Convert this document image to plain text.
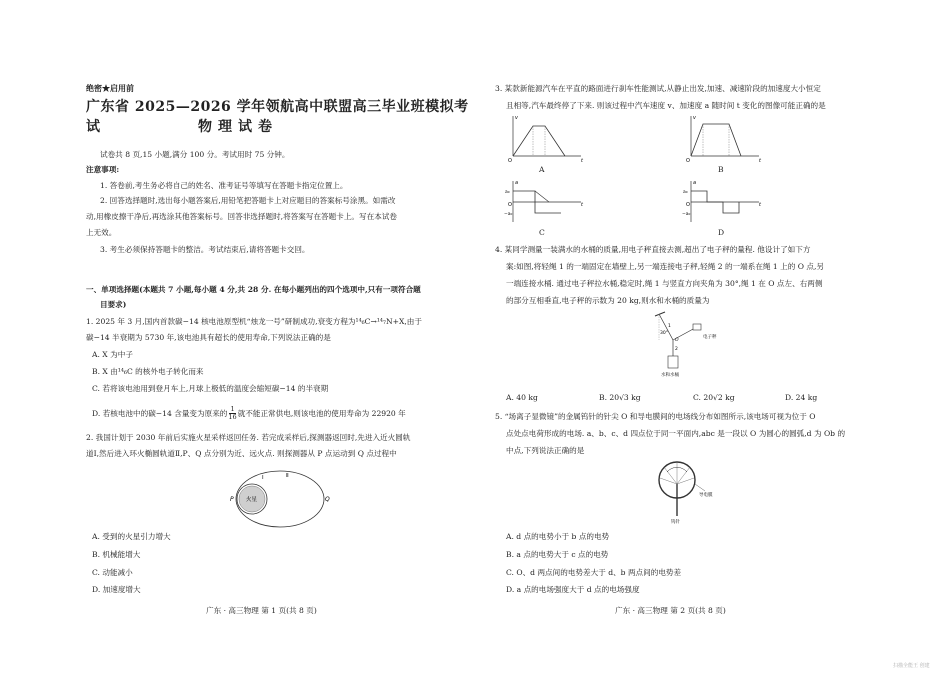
绝密★启用前
广东省 2025—2026 学年领航高中联盟高三毕业班模拟考试	物理试卷
试卷共 8 页,15 小题,满分 100 分。考试用时 75 分钟。
注意事项:
1. 答卷前,考生务必将自己的姓名、准考证号等填写在答题卡指定位置上。
2. 回答选择题时,选出每小题答案后,用铅笔把答题卡上对应题目的答案标号涂黑。如需改
动,用橡皮擦干净后,再选涂其他答案标号。回答非选择题时,将答案写在答题卡上。写在本试卷
上无效。
3. 考生必须保持答题卡的整洁。考试结束后,请将答题卡交回。
一、单项选择题(本题共 7 小题,每小题 4 分,共 28 分. 在每小题列出的四个选项中,只有一项符合题
目要求)
1. 2025 年 3 月,国内首款碳−14 核电池原型机“烛龙一号”研制成功,衰变方程为¹⁴₆C→¹⁴₇N+X,由于
碳−14 半衰期为 5730 年,该电池具有超长的使用寿命,下列说法正确的是
A. X 为中子
B. X 由¹⁴₆C 的核外电子转化而来
C. 若将该电池用到登月车上,月球上极低的温度会缩短碳−14 的半衰期
D. 若核电池中的碳−14 含量变为原来的 $\frac{1}{16}$ 就不能正常供电,则该电池的使用寿命为 22920 年
2. 我国计划于 2030 年前后实施火星采样返回任务. 若完成采样后,探测器返回时,先进入近火圆轨
道Ⅰ,然后进入环火椭圆轨道Ⅱ,P、Q 点分别为近、远火点. 则探测器从 P 点运动到 Q 点过程中
火星
P	Q
Ⅰ	Ⅱ
A. 受到的火星引力增大
B. 机械能增大
C. 动能减小
D. 加速度增大
广东 · 高三物理 第 1 页(共 8 页)
3. 某款新能源汽车在平直的路面进行刹车性能测试,从静止出发,加速、减速阶段的加速度大小恒定
且相等,汽车最终停了下来. 则该过程中汽车速度 v、加速度 a 随时间 t 变化的图像可能正确的是
O
v
t
A
O
v
t
B
a₀
−a₀
O
a
t
C
a₀
−a₀
O
a
t
D
4. 某同学测量一装满水的水桶的质量,用电子秤直接去测,超出了电子秤的量程. 他设计了如下方
案:如图,将轻绳 1 的一端固定在墙壁上,另一端连接电子秤,轻绳 2 的一端系在绳 1 上的 O 点,另
一端连接水桶. 通过电子秤拉水桶,稳定时,绳 1 与竖直方向夹角为 30°,绳 1 在 O 点左、右两侧
的部分互相垂直,电子秤的示数为 20 kg,则水和水桶的质量为
30°
1
2
O
电子秤
水和水桶
A. 40 kg	B. 20√3 kg	C. 20√2 kg	D. 24 kg
5. “场离子显微镜”的金属钨针的针尖 O 和导电膜间的电场线分布如图所示,该电场可视为位于 O
点处点电荷形成的电场. a、b、c、d 四点位于同一平面内,abc 是一段以 O 为圆心的圆弧,d 为 Ob 的
中点,下列说法正确的是
导电膜
钨针
A. d 点的电势小于 b 点的电势
B. a 点的电势大于 c 点的电势
C. O、d 两点间的电势差大于 d、b 两点间的电势差
D. a 点的电场强度大于 d 点的电场强度
广东 · 高三物理 第 2 页(共 8 页)
扫描全能王 创建
